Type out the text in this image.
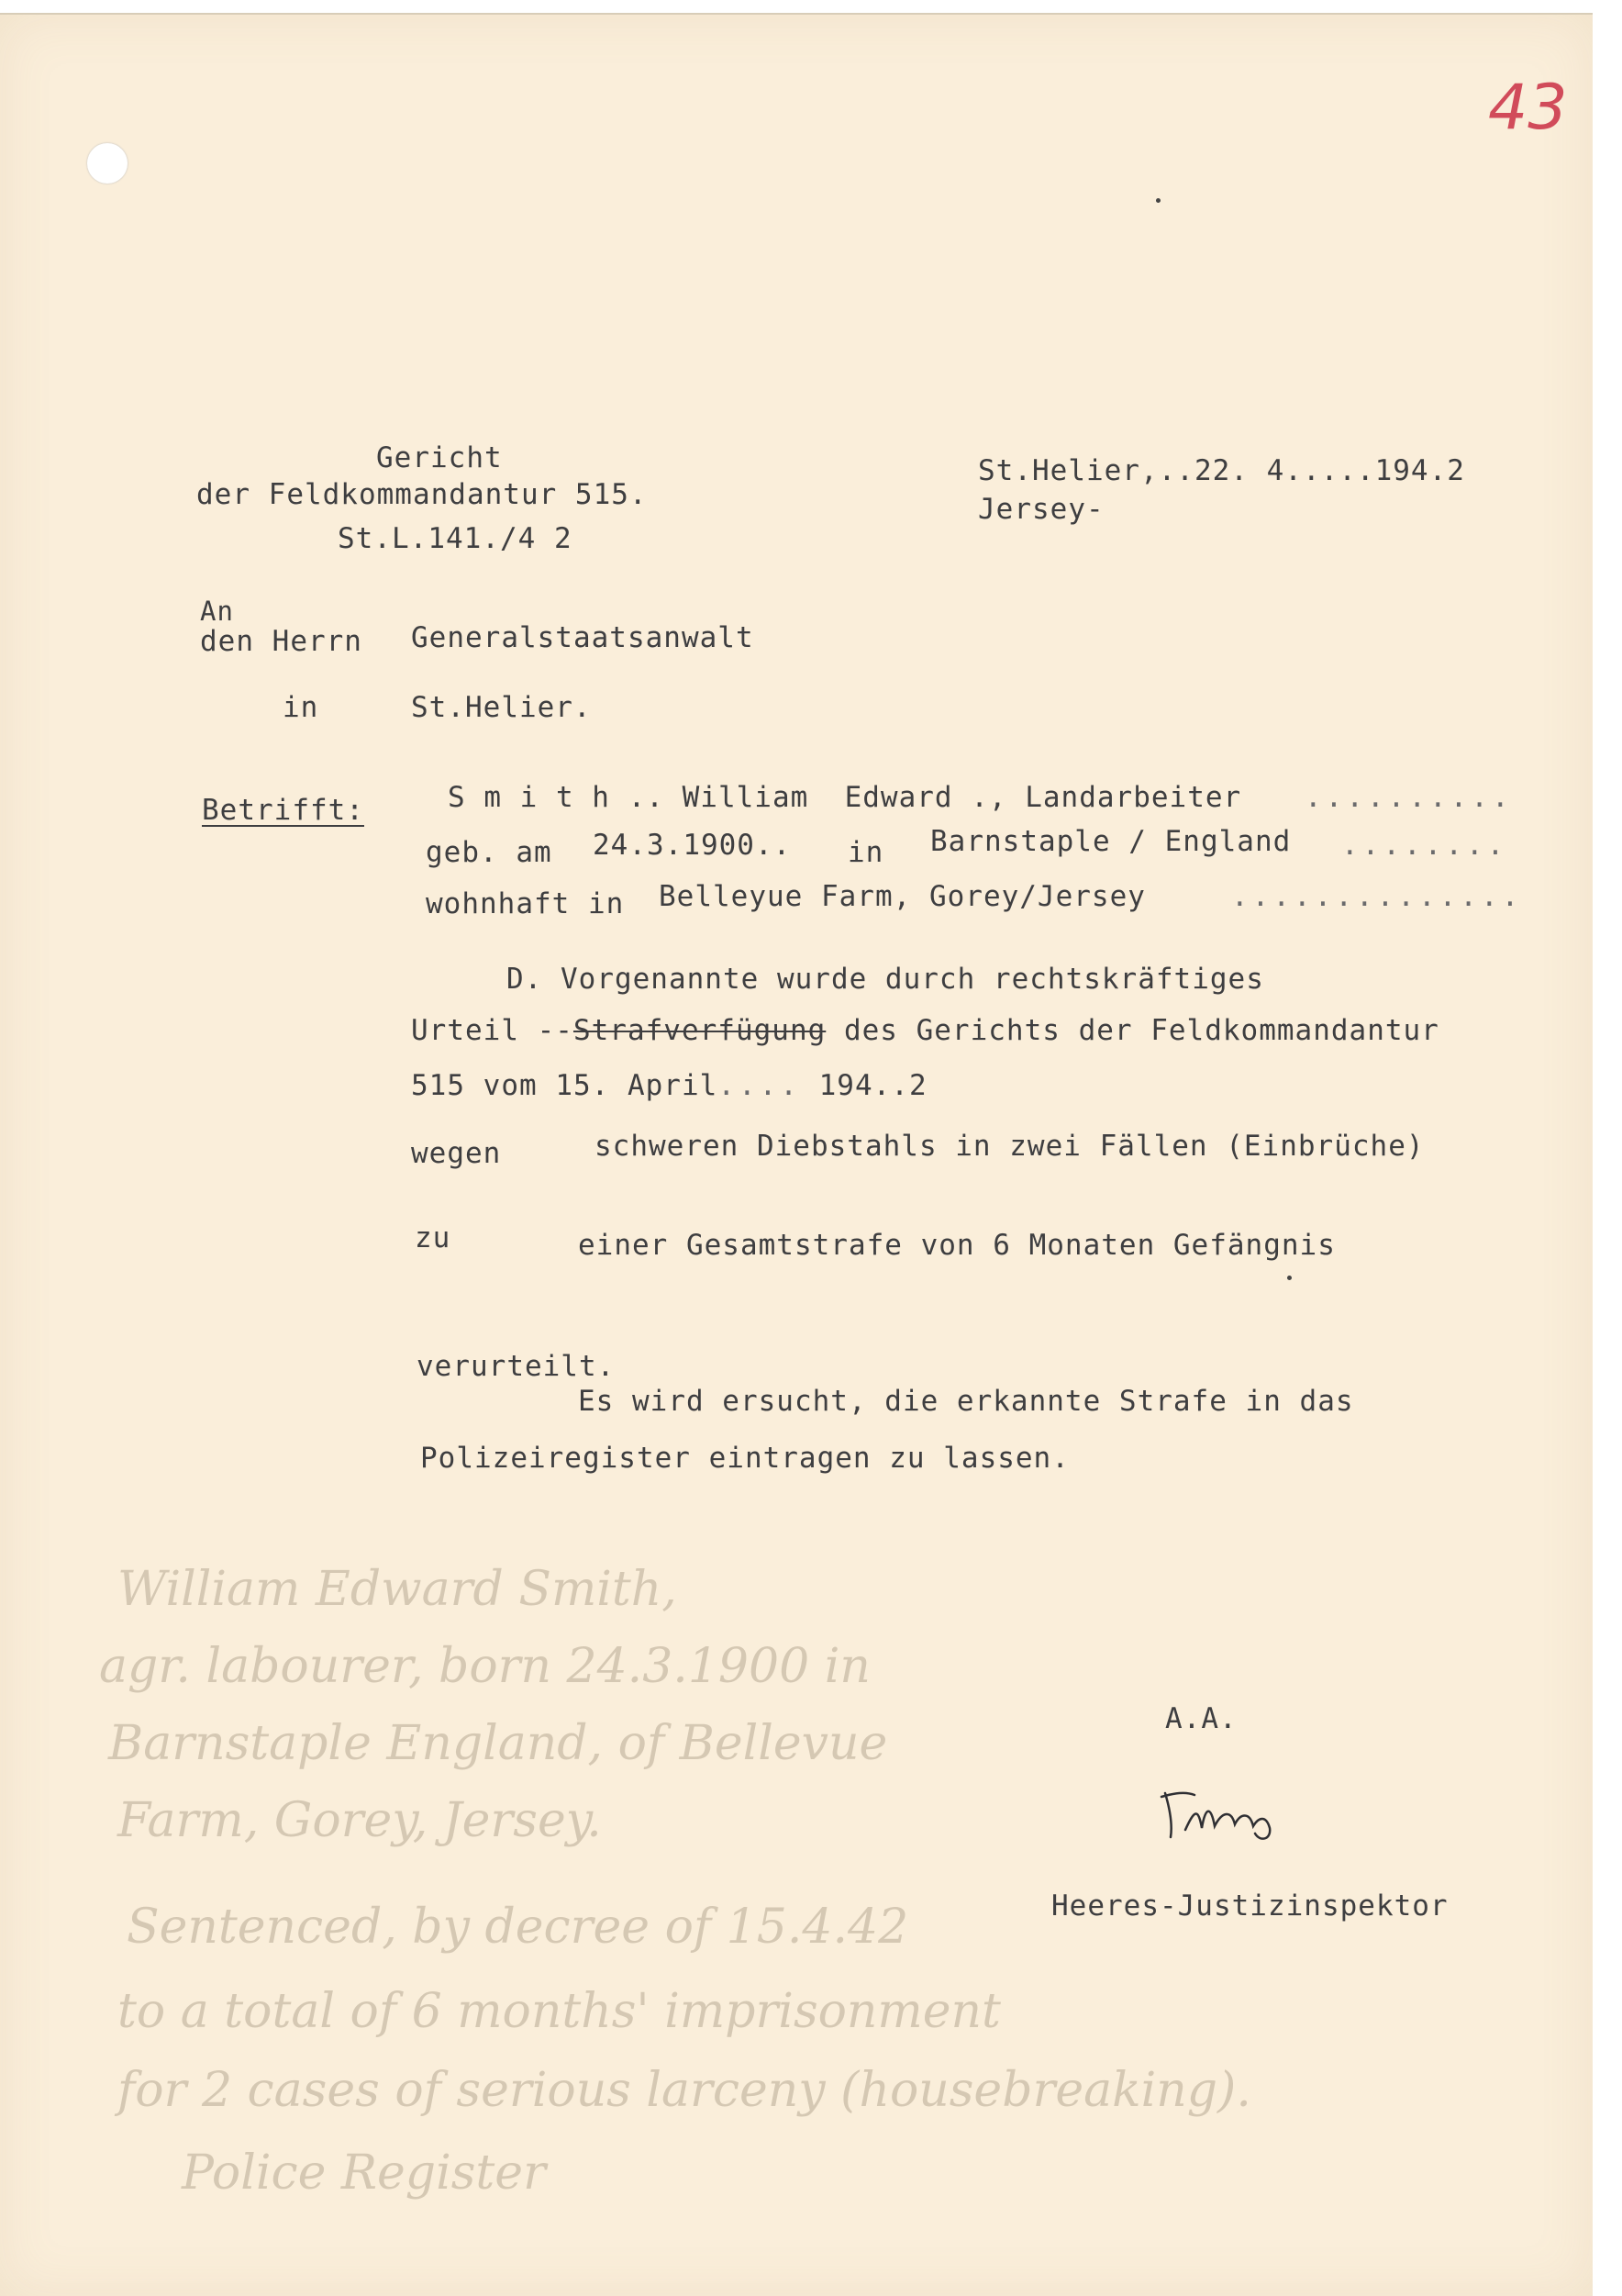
43
Gericht
der Feldkommandantur 515.
St.L.141./4 2
St.Helier,..22. 4.....194.2
Jersey-
An
den Herrn Generalstaatsanwalt
in	St.Helier.
Betrifft:	S m i t h .. William  Edward ., Landarbeiter ..........
geb. am 24.3.1900.. in Barnstaple / England ........
wohnhaft in Belleyue Farm, Gorey/Jersey	..............
D. Vorgenannte wurde durch rechtskräftiges
Urteil --Strafverfügung des Gerichts der Feldkommandantur
515 vom 15. April.... 194..2
wegen	schweren Diebstahls in zwei Fällen (Einbrüche)
zu	einer Gesamtstrafe von 6 Monaten Gefängnis
verurteilt.
Es wird ersucht, die erkannte Strafe in das
Polizeiregister eintragen zu lassen.
William Edward Smith,
agr. labourer, born 24.3.1900 in
Barnstaple England, of Bellevue
Farm, Gorey, Jersey.
Sentenced, by decree of 15.4.42
to a total of 6 months' imprisonment
for 2 cases of serious larceny (housebreaking).
Police Register
A.A.
Heeres-Justizinspektor
